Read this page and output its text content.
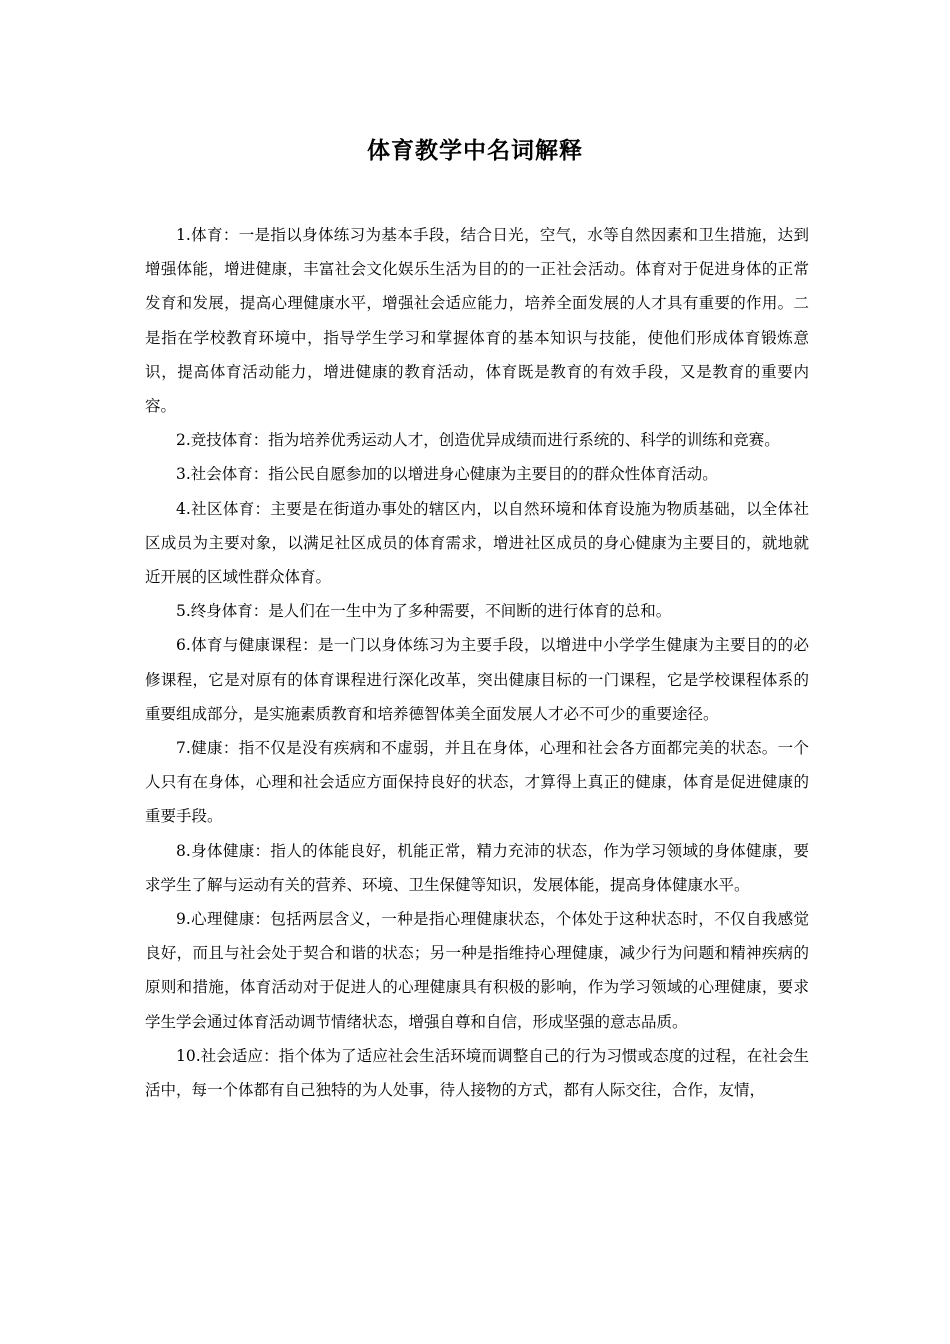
体育教学中名词解释

1.体育：一是指以身体练习为基本手段，结合日光，空气，水等自然因素和卫生措施，达到增强体能，增进健康，丰富社会文化娱乐生活为目的的一正社会活动。体育对于促进身体的正常发育和发展，提高心理健康水平，增强社会适应能力，培养全面发展的人才具有重要的作用。二是指在学校教育环境中，指导学生学习和掌握体育的基本知识与技能，使他们形成体育锻炼意识，提高体育活动能力，增进健康的教育活动，体育既是教育的有效手段，又是教育的重要内容。

2.竞技体育：指为培养优秀运动人才，创造优异成绩而进行系统的、科学的训练和竞赛。

3.社会体育：指公民自愿参加的以增进身心健康为主要目的的群众性体育活动。

4.社区体育：主要是在街道办事处的辖区内，以自然环境和体育设施为物质基础，以全体社区成员为主要对象，以满足社区成员的体育需求，增进社区成员的身心健康为主要目的，就地就近开展的区域性群众体育。

5.终身体育：是人们在一生中为了多种需要，不间断的进行体育的总和。

6.体育与健康课程：是一门以身体练习为主要手段，以增进中小学学生健康为主要目的的必修课程，它是对原有的体育课程进行深化改革，突出健康目标的一门课程，它是学校课程体系的重要组成部分，是实施素质教育和培养德智体美全面发展人才必不可少的重要途径。

7.健康：指不仅是没有疾病和不虚弱，并且在身体，心理和社会各方面都完美的状态。一个人只有在身体，心理和社会适应方面保持良好的状态，才算得上真正的健康，体育是促进健康的重要手段。

8.身体健康：指人的体能良好，机能正常，精力充沛的状态，作为学习领域的身体健康，要求学生了解与运动有关的营养、环境、卫生保健等知识，发展体能，提高身体健康水平。

9.心理健康：包括两层含义，一种是指心理健康状态，个体处于这种状态时，不仅自我感觉良好，而且与社会处于契合和谐的状态；另一种是指维持心理健康，减少行为问题和精神疾病的原则和措施，体育活动对于促进人的心理健康具有积极的影响，作为学习领域的心理健康，要求学生学会通过体育活动调节情绪状态，增强自尊和自信，形成坚强的意志品质。

10.社会适应：指个体为了适应社会生活环境而调整自己的行为习惯或态度的过程，在社会生活中，每一个体都有自己独特的为人处事，待人接物的方式，都有人际交往，合作，友情，
